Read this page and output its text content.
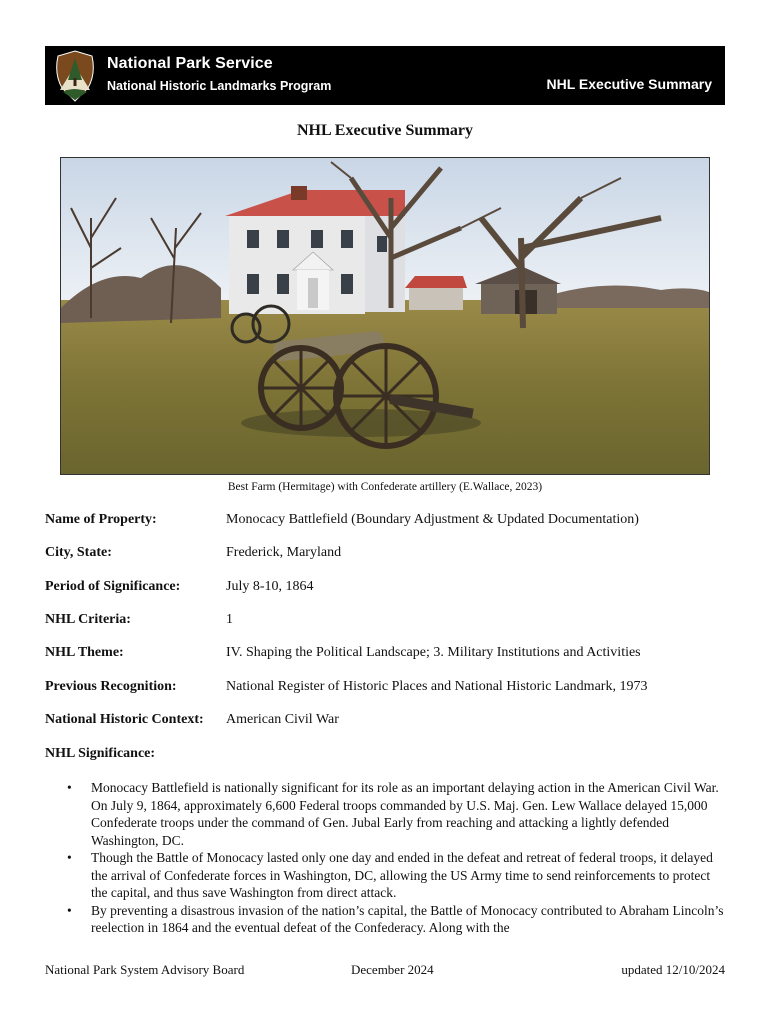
National Park Service
National Historic Landmarks Program	NHL Executive Summary
NHL Executive Summary
Best Farm (Hermitage) with Confederate artillery (E.Wallace, 2023)
Name of Property:	Monocacy Battlefield (Boundary Adjustment & Updated Documentation)
City, State:	Frederick, Maryland
Period of Significance:	July 8-10, 1864
NHL Criteria:	1
NHL Theme:	IV. Shaping the Political Landscape; 3. Military Institutions and Activities
Previous Recognition:	National Register of Historic Places and National Historic Landmark, 1973
National Historic Context: American Civil War
NHL Significance:
• Monocacy Battlefield is nationally significant for its role as an important delaying action in the American Civil War. On July 9, 1864, approximately 6,600 Federal troops commanded by U.S. Maj. Gen. Lew Wallace delayed 15,000 Confederate troops under the command of Gen. Jubal Early from reaching and attacking a lightly defended Washington, DC.
• Though the Battle of Monocacy lasted only one day and ended in the defeat and retreat of federal troops, it delayed the arrival of Confederate forces in Washington, DC, allowing the US Army time to send reinforcements to protect the capital, and thus save Washington from direct attack.
• By preventing a disastrous invasion of the nation’s capital, the Battle of Monocacy contributed to Abraham Lincoln’s reelection in 1864 and the eventual defeat of the Confederacy. Along with the
National Park System Advisory Board	December 2024	updated 12/10/2024
